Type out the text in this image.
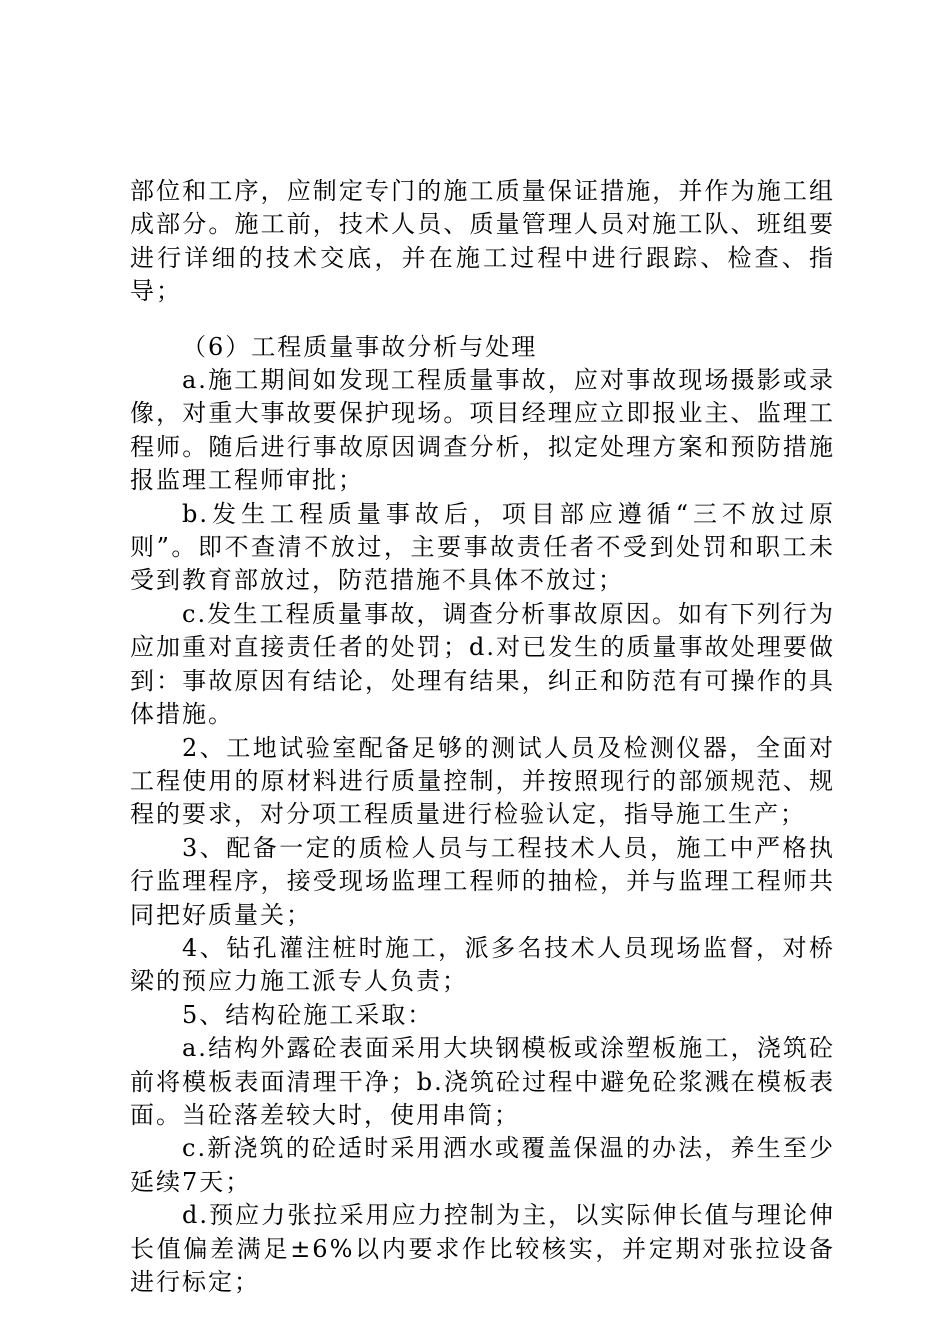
部位和工序，应制定专门的施工质量保证措施，并作为施工组成部分。施工前，技术人员、质量管理人员对施工队、班组要进行详细的技术交底，并在施工过程中进行跟踪、检查、指导；

（6）工程质量事故分析与处理

a.施工期间如发现工程质量事故，应对事故现场摄影或录像，对重大事故要保护现场。项目经理应立即报业主、监理工程师。随后进行事故原因调查分析，拟定处理方案和预防措施报监理工程师审批；

b.发生工程质量事故后，项目部应遵循“三不放过原则”。即不查清不放过，主要事故责任者不受到处罚和职工未受到教育部放过，防范措施不具体不放过；

c.发生工程质量事故，调查分析事故原因。如有下列行为应加重对直接责任者的处罚；d.对已发生的质量事故处理要做到：事故原因有结论，处理有结果，纠正和防范有可操作的具体措施。

2、工地试验室配备足够的测试人员及检测仪器，全面对工程使用的原材料进行质量控制，并按照现行的部颁规范、规程的要求，对分项工程质量进行检验认定，指导施工生产；

3、配备一定的质检人员与工程技术人员，施工中严格执行监理程序，接受现场监理工程师的抽检，并与监理工程师共同把好质量关；

4、钻孔灌注桩时施工，派多名技术人员现场监督，对桥梁的预应力施工派专人负责；

5、结构砼施工采取：

a.结构外露砼表面采用大块钢模板或涂塑板施工，浇筑砼前将模板表面清理干净；b.浇筑砼过程中避免砼浆溅在模板表面。当砼落差较大时，使用串筒；

c.新浇筑的砼适时采用洒水或覆盖保温的办法，养生至少延续7天；

d.预应力张拉采用应力控制为主，以实际伸长值与理论伸长值偏差满足±6%以内要求作比较核实，并定期对张拉设备进行标定；
